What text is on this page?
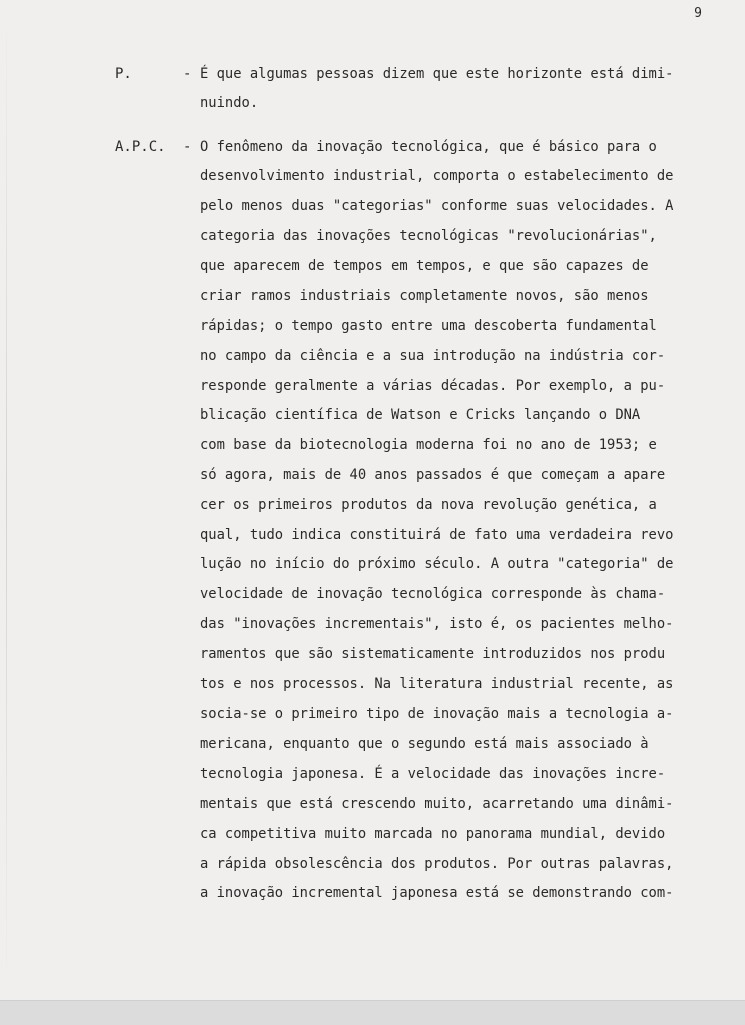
9
P.	- É que algumas pessoas dizem que este horizonte está dimi-
nuindo.
A.P.C. - O fenômeno da inovação tecnológica, que é básico para o
desenvolvimento industrial, comporta o estabelecimento de
pelo menos duas "categorias" conforme suas velocidades. A
categoria das inovações tecnológicas "revolucionárias",
que aparecem de tempos em tempos, e que são capazes de
criar ramos industriais completamente novos, são menos
rápidas; o tempo gasto entre uma descoberta fundamental
no campo da ciência e a sua introdução na indústria cor-
responde geralmente a várias décadas. Por exemplo, a pu-
blicação científica de Watson e Cricks lançando o DNA
com base da biotecnologia moderna foi no ano de 1953; e
só agora, mais de 40 anos passados é que começam a apare
cer os primeiros produtos da nova revolução genética, a
qual, tudo indica constituirá de fato uma verdadeira revo
lução no início do próximo século. A outra "categoria" de
velocidade de inovação tecnológica corresponde às chama-
das "inovações incrementais", isto é, os pacientes melho-
ramentos que são sistematicamente introduzidos nos produ
tos e nos processos. Na literatura industrial recente, as
socia-se o primeiro tipo de inovação mais a tecnologia a-
mericana, enquanto que o segundo está mais associado à
tecnologia japonesa. É a velocidade das inovações incre-
mentais que está crescendo muito, acarretando uma dinâmi-
ca competitiva muito marcada no panorama mundial, devido
a rápida obsolescência dos produtos. Por outras palavras,
a inovação incremental japonesa está se demonstrando com-
